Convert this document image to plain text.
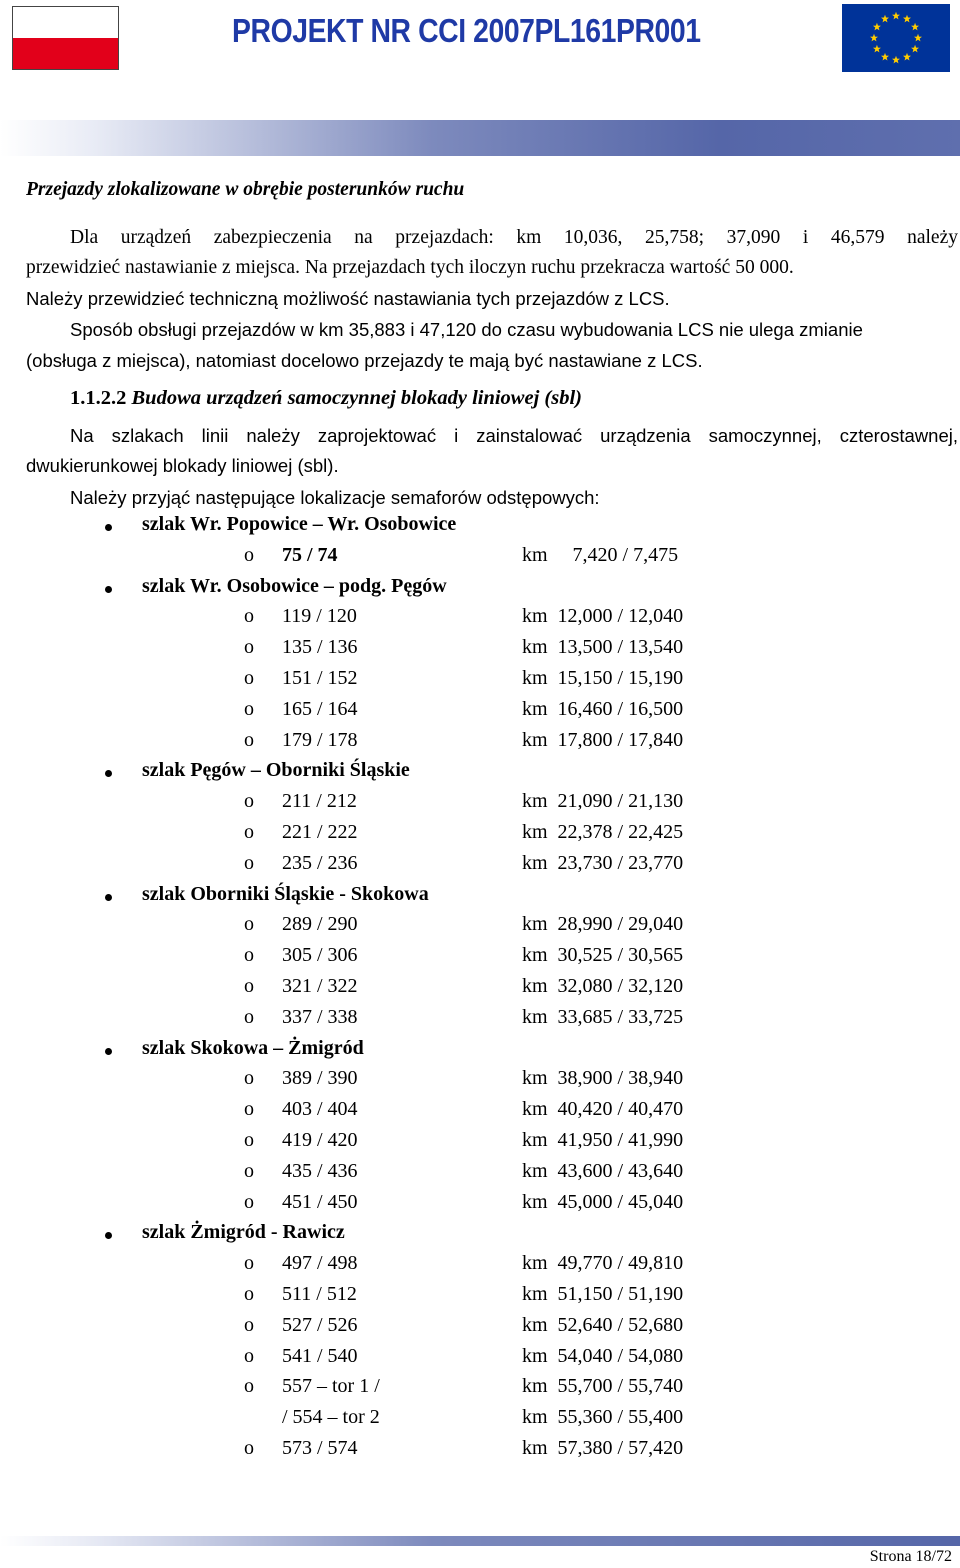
PROJEKT NR CCI 2007PL161PR001
Przejazdy zlokalizowane w obrębie posterunków ruchu
Dla urządzeń zabezpieczenia na przejazdach: km 10,036, 25,758; 37,090 i 46,579 należy
przewidzieć nastawianie z miejsca. Na przejazdach tych iloczyn ruchu przekracza wartość 50 000.
Należy przewidzieć techniczną możliwość nastawiania tych przejazdów z LCS.
Sposób obsługi przejazdów w km 35,883 i 47,120 do czasu wybudowania LCS nie ulega zmianie
(obsługa z miejsca), natomiast docelowo przejazdy te mają być nastawiane z LCS.
1.1.2.2 Budowa urządzeń samoczynnej blokady liniowej (sbl)
Na szlakach linii należy zaprojektować i zainstalować urządzenia samoczynnej, czterostawnej,
dwukierunkowej blokady liniowej (sbl).
Należy przyjąć następujące lokalizacje semaforów odstępowych:
szlak Wr. Popowice – Wr. Osobowice
o 75 / 74	km     7,420 / 7,475
szlak Wr. Osobowice – podg. Pęgów
o 119 / 120	km  12,000 / 12,040
o 135 / 136	km  13,500 / 13,540
o 151 / 152	km  15,150 / 15,190
o 165 / 164	km  16,460 / 16,500
o 179 / 178	km  17,800 / 17,840
szlak Pęgów – Oborniki Śląskie
o 211 / 212	km  21,090 / 21,130
o 221 / 222	km  22,378 / 22,425
o 235 / 236	km  23,730 / 23,770
szlak Oborniki Śląskie - Skokowa
o 289 / 290	km  28,990 / 29,040
o 305 / 306	km  30,525 / 30,565
o 321 / 322	km  32,080 / 32,120
o 337 / 338	km  33,685 / 33,725
szlak Skokowa – Żmigród
o 389 / 390	km  38,900 / 38,940
o 403 / 404	km  40,420 / 40,470
o 419 / 420	km  41,950 / 41,990
o 435 / 436	km  43,600 / 43,640
o 451 / 450	km  45,000 / 45,040
szlak Żmigród - Rawicz
o 497 / 498	km  49,770 / 49,810
o 511 / 512	km  51,150 / 51,190
o 527 / 526	km  52,640 / 52,680
o 541 / 540	km  54,040 / 54,080
o 557 – tor 1 /	km  55,700 / 55,740
/ 554 – tor 2	km  55,360 / 55,400
o 573 / 574	km  57,380 / 57,420
Strona 18/72
